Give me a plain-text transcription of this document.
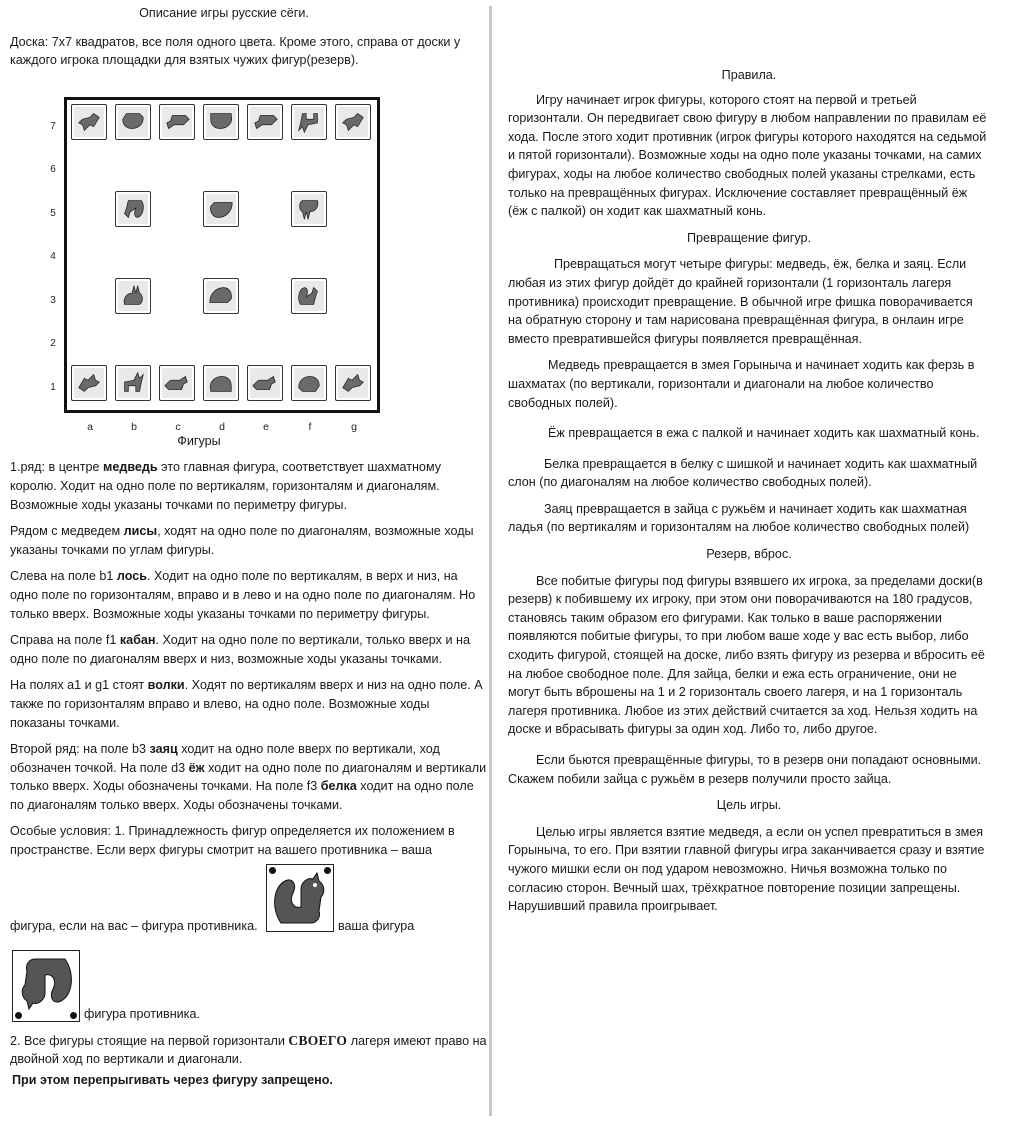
Описание игры русские сёги.

Доска: 7х7 квадратов, все поля одного цвета. Кроме этого, справа от доски у каждого игрока площадки для взятых чужих фигур(резерв).

7
6
5
4
3
2
1
a	b	c	d	e	f	g

Фигуры

1.ряд: в центре медведь это главная фигура, соответствует шахматному королю. Ходит на одно поле по вертикалям, горизонталям и диагоналям. Возможные ходы указаны точками по периметру фигуры.

Рядом с медведем лисы, ходят на одно поле по диагоналям, возможные ходы указаны точками по углам фигуры.

Слева на поле b1 лось. Ходит на одно поле по вертикалям, в верх и низ, на одно поле по горизонталям, вправо и в лево и на одно поле по диагоналям. Но только вверх. Возможные ходы указаны точками по периметру фигуры.

Справа на поле f1 кабан. Ходит на одно поле по вертикали, только вверх и на одно поле по диагоналям вверх и низ, возможные ходы указаны точками.

На полях a1 и g1 стоят волки. Ходят по вертикалям вверх и низ на одно поле. А также по горизонталям вправо и влево, на одно поле. Возможные ходы показаны точками.

Второй ряд: на поле b3 заяц ходит на одно поле вверх по вертикали, ход обозначен точкой. На поле d3 ёж ходит на одно поле по диагоналям и вертикали только вверх. Ходы обозначены точками. На поле f3 белка ходит на одно поле по диагоналям только вверх. Ходы обозначены точками.

Особые условия: 1. Принадлежность фигур определяется их положением в пространстве. Если верх фигуры смотрит на вашего противника – ваша

фигура, если на вас – фигура противника.	ваша фигура
фигура противника.

2. Все фигуры стоящие на первой горизонтали СВОЕГО лагеря имеют право на двойной ход по вертикали и диагонали.

При этом перепрыгивать через фигуру запрещено.

Правила.

Игру начинает игрок фигуры, которого стоят на первой и третьей горизонтали. Он передвигает свою фигуру в любом направлении по правилам её хода. После этого ходит противник (игрок фигуры которого находятся на седьмой и пятой горизонтали). Возможные ходы на одно поле указаны точками, на самих фигурах, ходы на любое количество свободных полей указаны стрелками, есть только на превращённых фигурах. Исключение составляет превращённый ёж (ёж с палкой) он ходит как шахматный конь.

Превращение фигур.

Превращаться могут четыре фигуры: медведь, ёж, белка и заяц. Если любая из этих фигур дойдёт до крайней горизонтали (1 горизонталь лагеря противника) происходит превращение. В обычной игре фишка поворачивается на обратную сторону и там нарисована превращённая фигура, в онлаин игре вместо превратившейся фигуры появляется превращённая.

Медведь превращается в змея Горыныча и начинает ходить как ферзь в шахматах (по вертикали, горизонтали и диагонали на любое количество свободных полей).

Ёж превращается в ежа с палкой и начинает ходить как шахматный конь.

Белка превращается в белку с шишкой и начинает ходить как шахматный слон (по диагоналям на любое количество свободных полей).

Заяц превращается в зайца с ружьём и начинает ходить как шахматная ладья (по вертикалям и горизонталям на любое количество свободных полей)

Резерв, вброс.

Все побитые фигуры под фигуры взявшего их игрока, за пределами доски(в резерв) к побившему их игроку, при этом они поворачиваются на 180 градусов, становясь таким образом его фигурами. Как только в ваше распоряжении появляются побитые фигуры, то при любом ваше ходе у вас есть выбор, либо сходить фигурой, стоящей на доске, либо взять фигуру из резерва и вбросить её на любое свободное поле. Для зайца, белки и ежа есть ограничение, они не могут быть вброшены на 1 и 2 горизонталь своего лагеря, и на 1 горизонталь лагеря противника. Любое из этих действий считается за ход. Нельзя ходить на доске и вбрасывать фигуры за один ход. Либо то, либо другое.

Если бьются превращённые фигуры, то в резерв они попадают основными. Скажем побили зайца с ружьём в резерв получили просто зайца.

Цель игры.

Целью игры является взятие медведя, а если он успел превратиться в змея Горыныча, то его. При взятии главной фигуры игра заканчивается сразу и взятие чужого мишки если он под ударом невозможно. Ничья возможна только по согласию сторон. Вечный шах, трёхкратное повторение позиции запрещены. Нарушивший правила проигрывает.
